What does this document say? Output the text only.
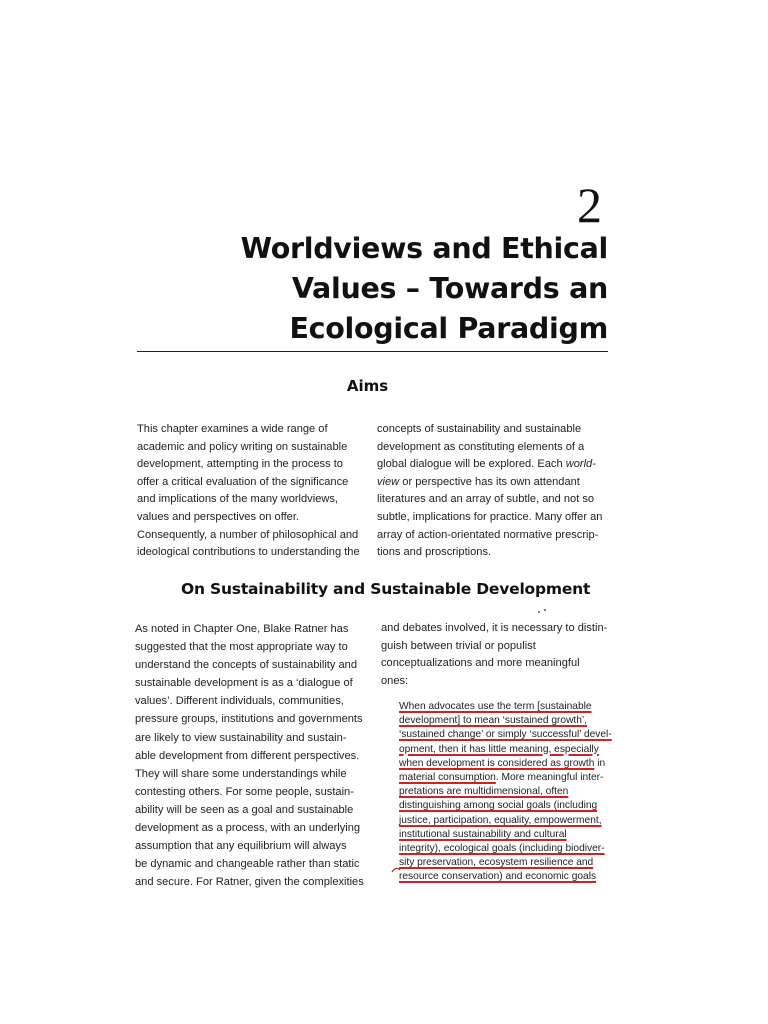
2
Worldviews and Ethical
Values – Towards an
Ecological Paradigm
Aims
This chapter examines a wide range of
academic and policy writing on sustainable
development, attempting in the process to
offer a critical evaluation of the significance
and implications of the many worldviews,
values and perspectives on offer.
Consequently, a number of philosophical and
ideological contributions to understanding the
concepts of sustainability and sustainable
development as constituting elements of a
global dialogue will be explored. Each world-
view or perspective has its own attendant
literatures and an array of subtle, and not so
subtle, implications for practice. Many offer an
array of action-orientated normative prescrip-
tions and proscriptions.
On Sustainability and Sustainable Development
As noted in Chapter One, Blake Ratner has
suggested that the most appropriate way to
understand the concepts of sustainability and
sustainable development is as a ‘dialogue of
values’. Different individuals, communities,
pressure groups, institutions and governments
are likely to view sustainability and sustain-
able development from different perspectives.
They will share some understandings while
contesting others. For some people, sustain-
ability will be seen as a goal and sustainable
development as a process, with an underlying
assumption that any equilibrium will always
be dynamic and changeable rather than static
and secure. For Ratner, given the complexities
and debates involved, it is necessary to distin-
guish between trivial or populist
conceptualizations and more meaningful
ones:
When advocates use the term [sustainable
development] to mean ‘sustained growth’,
‘sustained change’ or simply ‘successful’ devel-
opment, then it has little meaning, especially
when development is considered as growth in
material consumption. More meaningful inter-
pretations are multidimensional, often
distinguishing among social goals (including
justice, participation, equality, empowerment,
institutional sustainability and cultural
integrity), ecological goals (including biodiver-
sity preservation, ecosystem resilience and
resource conservation) and economic goals
